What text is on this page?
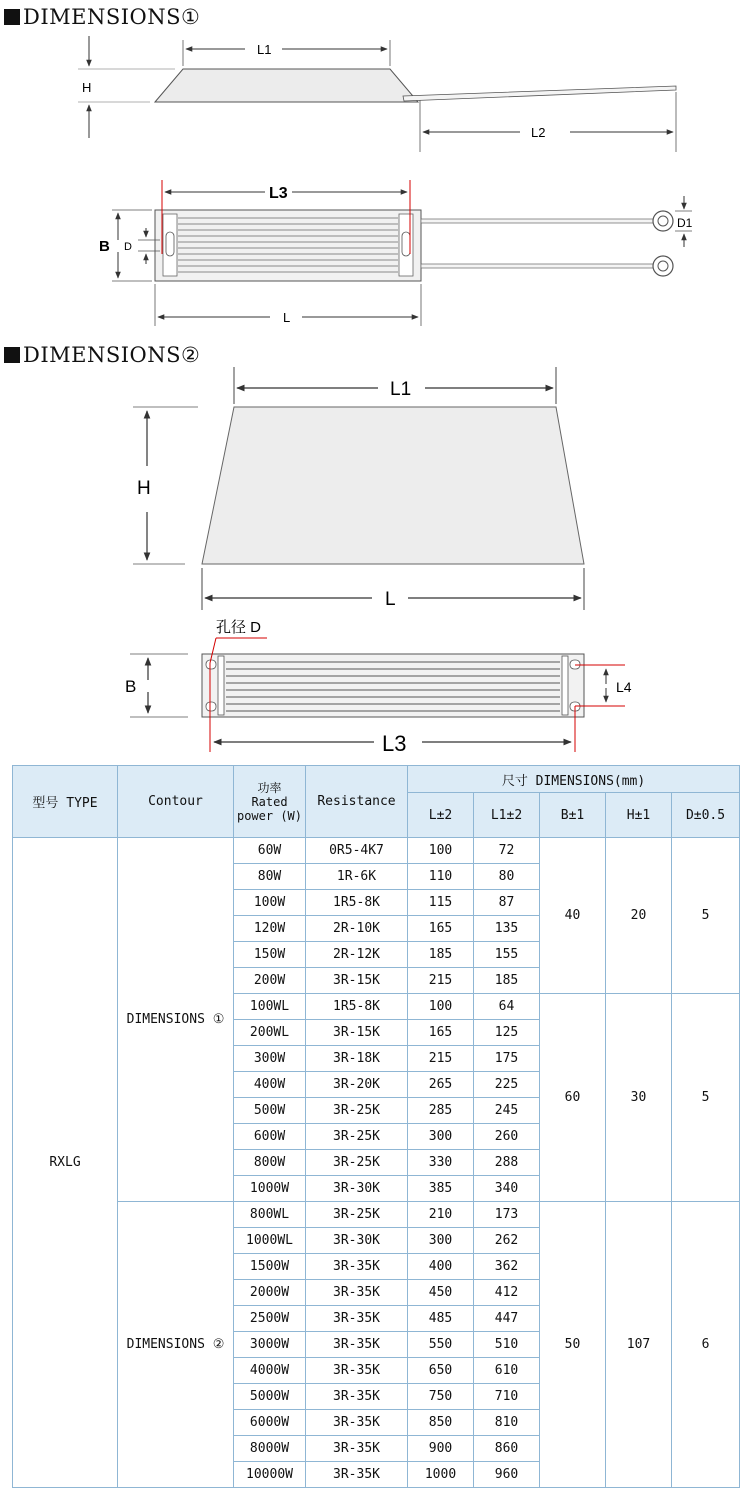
DIMENSIONS①
H
L1
L2
D1
L3
B D
L
DIMENSIONS②
L1
H
L
孔径 D
B	L4
L3
型号 TYPE	Contour	功率
Rated
power (W)	Resistance	尺寸 DIMENSIONS(mm)				
				L±2	L1±2	B±1	H±1	D±0.5
RXLG	DIMENSIONS ①	60W	0R5-4K7	100	72	40	20	5
		80W	1R-6K	110	80			
		100W	1R5-8K	115	87			
		120W	2R-10K	165	135			
		150W	2R-12K	185	155			
		200W	3R-15K	215	185			
		100WL	1R5-8K	100	64	60	30	5
		200WL	3R-15K	165	125			
		300W	3R-18K	215	175			
		400W	3R-20K	265	225			
		500W	3R-25K	285	245			
		600W	3R-25K	300	260			
		800W	3R-25K	330	288			
		1000W	3R-30K	385	340			
	DIMENSIONS ②	800WL	3R-25K	210	173	50	107	6
		1000WL	3R-30K	300	262			
		1500W	3R-35K	400	362			
		2000W	3R-35K	450	412			
		2500W	3R-35K	485	447			
		3000W	3R-35K	550	510			
		4000W	3R-35K	650	610			
		5000W	3R-35K	750	710			
		6000W	3R-35K	850	810			
		8000W	3R-35K	900	860			
		10000W	3R-35K	1000	960			
